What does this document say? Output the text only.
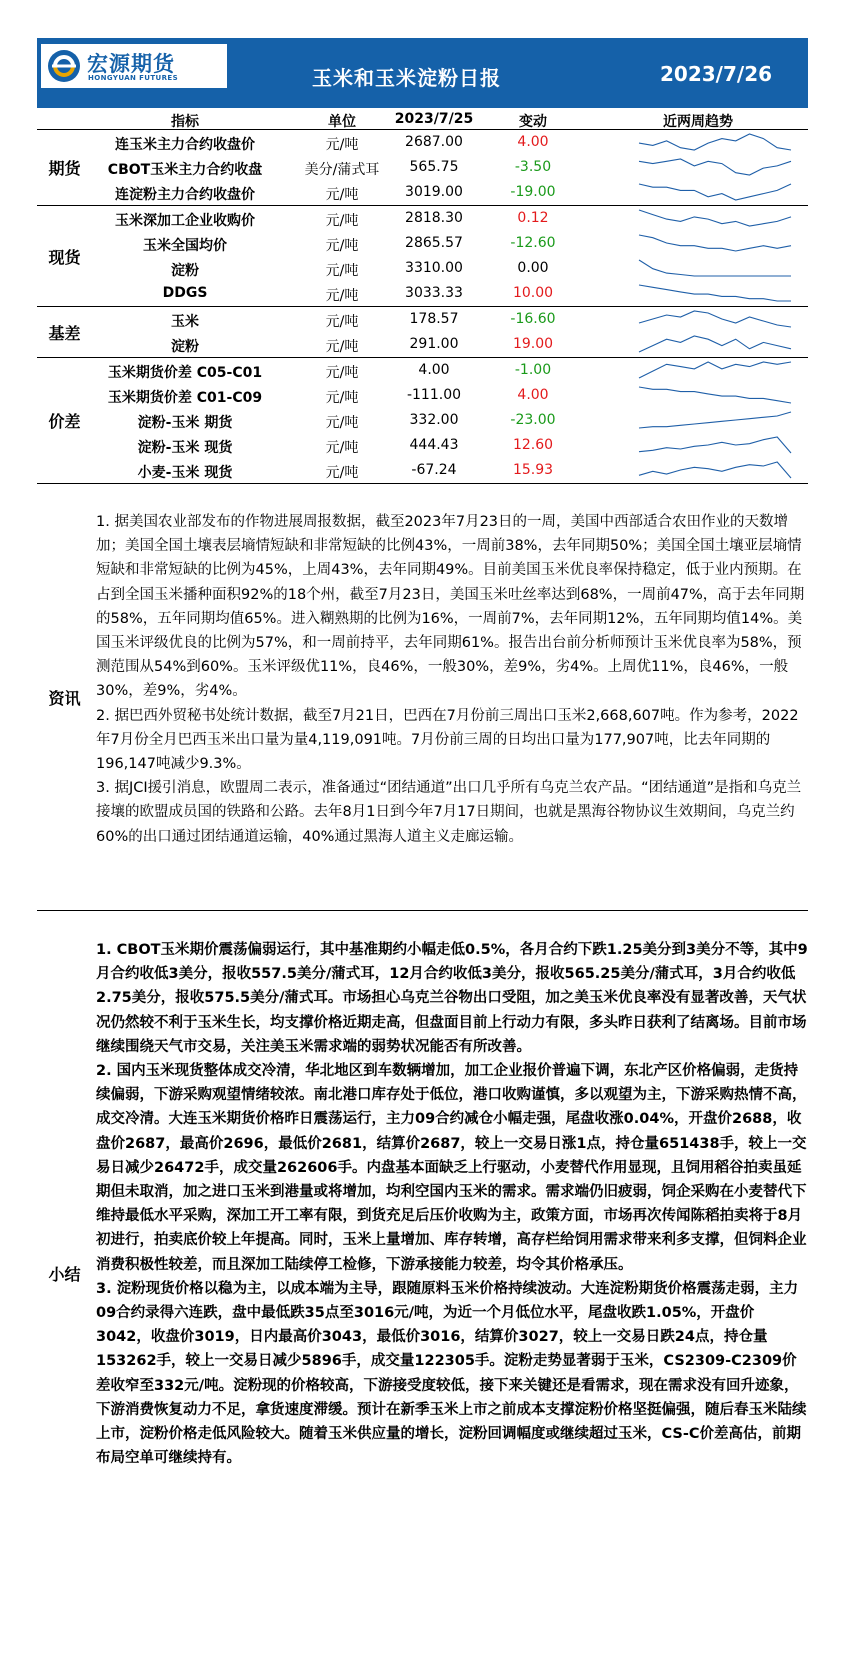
宏源期货
HONGYUAN FUTURES	玉米和玉米淀粉日报	2023/7/26
指标	单位	2023/7/25	变动	近两周趋势
期货
连玉米主力合约收盘价	元/吨	2687.00	4.00
CBOT玉米主力合约收盘	美分/蒲式耳 565.75	-3.50
连淀粉主力合约收盘价	元/吨	3019.00	-19.00
现货
玉米深加工企业收购价	元/吨	2818.30	0.12
玉米全国均价	元/吨	2865.57	-12.60
淀粉	元/吨	3310.00	0.00
DDGS	元/吨	3033.33	10.00
基差
玉米	元/吨	178.57	-16.60
淀粉	元/吨	291.00	19.00
价差
玉米期货价差 C05-C01	元/吨	4.00	-1.00
玉米期货价差 C01-C09	元/吨	-111.00	4.00
淀粉-玉米 期货	元/吨	332.00	-23.00
淀粉-玉米 现货	元/吨	444.43	12.60
小麦-玉米 现货	元/吨	-67.24	15.93
资讯

1. 据美国农业部发布的作物进展周报数据，截至2023年7月23日的一周，美国中西部适合农田作业的天数增加；美国全国土壤表层墒情短缺和非常短缺的比例43%，一周前38%，去年同期50%；美国全国土壤亚层墒情短缺和非常短缺的比例为45%，上周43%，去年同期49%。目前美国玉米优良率保持稳定，低于业内预期。在占到全国玉米播种面积92%的18个州，截至7月23日，美国玉米吐丝率达到68%，一周前47%，高于去年同期的58%，五年同期均值65%。进入糊熟期的比例为16%，一周前7%，去年同期12%，五年同期均值14%。美国玉米评级优良的比例为57%，和一周前持平，去年同期61%。报告出台前分析师预计玉米优良率为58%，预测范围从54%到60%。玉米评级优11%，良46%，一般30%，差9%，劣4%。上周优11%，良46%，一般30%，差9%，劣4%。

2. 据巴西外贸秘书处统计数据，截至7月21日，巴西在7月份前三周出口玉米2,668,607吨。作为参考，2022年7月份全月巴西玉米出口量为量4,119,091吨。7月份前三周的日均出口量为177,907吨，比去年同期的196,147吨减少9.3%。

3. 据JCI援引消息，欧盟周二表示，准备通过“团结通道”出口几乎所有乌克兰农产品。“团结通道”是指和乌克兰接壤的欧盟成员国的铁路和公路。去年8月1日到今年7月17日期间，也就是黑海谷物协议生效期间，乌克兰约60%的出口通过团结通道运输，40%通过黑海人道主义走廊运输。

小结

1. CBOT玉米期价震荡偏弱运行，其中基准期约小幅走低0.5%，各月合约下跌1.25美分到3美分不等，其中9月合约收低3美分，报收557.5美分/蒲式耳，12月合约收低3美分，报收565.25美分/蒲式耳，3月合约收低2.75美分，报收575.5美分/蒲式耳。市场担心乌克兰谷物出口受阻，加之美玉米优良率没有显著改善，天气状况仍然较不利于玉米生长，均支撑价格近期走高，但盘面目前上行动力有限，多头昨日获利了结离场。目前市场继续围绕天气市交易，关注美玉米需求端的弱势状况能否有所改善。

2. 国内玉米现货整体成交冷清，华北地区到车数辆增加，加工企业报价普遍下调，东北产区价格偏弱，走货持续偏弱，下游采购观望情绪较浓。南北港口库存处于低位，港口收购谨慎，多以观望为主，下游采购热情不高，成交冷清。大连玉米期货价格昨日震荡运行，主力09合约减仓小幅走强，尾盘收涨0.04%，开盘价2688，收盘价2687，最高价2696，最低价2681，结算价2687，较上一交易日涨1点，持仓量651438手，较上一交易日减少26472手，成交量262606手。内盘基本面缺乏上行驱动，小麦替代作用显现，且饲用稻谷拍卖虽延期但未取消，加之进口玉米到港量或将增加，均利空国内玉米的需求。需求端仍旧疲弱，饲企采购在小麦替代下维持最低水平采购，深加工开工率有限，到货充足后压价收购为主，政策方面，市场再次传闻陈稻拍卖将于8月初进行，拍卖底价较上年提高。同时，玉米上量增加、库存转增，高存栏给饲用需求带来利多支撑，但饲料企业消费积极性较差，而且深加工陆续停工检修，下游承接能力较差，均令其价格承压。

3. 淀粉现货价格以稳为主，以成本端为主导，跟随原料玉米价格持续波动。大连淀粉期货价格震荡走弱，主力09合约录得六连跌，盘中最低跌35点至3016元/吨，为近一个月低位水平，尾盘收跌1.05%，开盘价3042，收盘价3019，日内最高价3043，最低价3016，结算价3027，较上一交易日跌24点，持仓量153262手，较上一交易日减少5896手，成交量122305手。淀粉走势显著弱于玉米，CS2309-C2309价差收窄至332元/吨。淀粉现的价格较高，下游接受度较低，接下来关键还是看需求，现在需求没有回升迹象，下游消费恢复动力不足，拿货速度滞缓。预计在新季玉米上市之前成本支撑淀粉价格坚挺偏强，随后春玉米陆续上市，淀粉价格走低风险较大。随着玉米供应量的增长，淀粉回调幅度或继续超过玉米，CS-C价差高估，前期布局空单可继续持有。
